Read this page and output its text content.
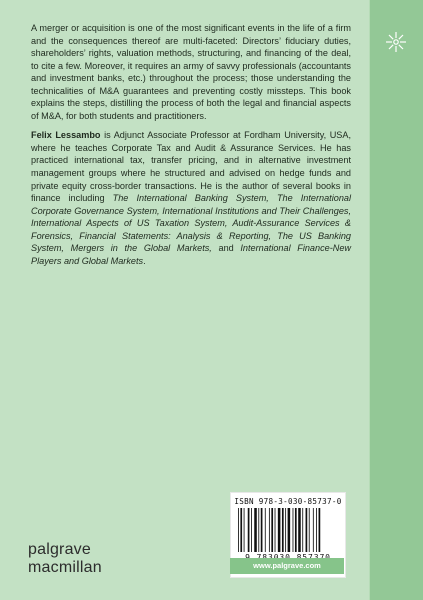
A merger or acquisition is one of the most significant events in the life of a firm and the consequences thereof are multi-faceted: Directors’ fiduciary duties, shareholders’ rights, valuation methods, structuring, and financing of the deal, to cite a few. Moreover, it requires an army of savvy professionals (accountants and investment banks, etc.) throughout the process; those understanding the technicalities of M&A guarantees and preventing costly missteps. This book explains the steps, distilling the process of both the legal and financial aspects of M&A, for both students and practitioners.

Felix Lessambo is Adjunct Associate Professor at Fordham University, USA, where he teaches Corporate Tax and Audit & Assurance Services. He has practiced international tax, transfer pricing, and in alternative investment management groups where he structured and advised on hedge funds and private equity cross-border transactions. He is the author of several books in finance including The International Banking System, The International Corporate Governance System, International Institutions and Their Challenges, International Aspects of US Taxation System, Audit-Assurance Services & Forensics, Financial Statements: Analysis & Reporting, The US Banking System, Mergers in the Global Markets, and International Finance-New Players and Global Markets.

palgrave
macmillan
ISBN 978-3-030-85737-0
www.palgrave.com
